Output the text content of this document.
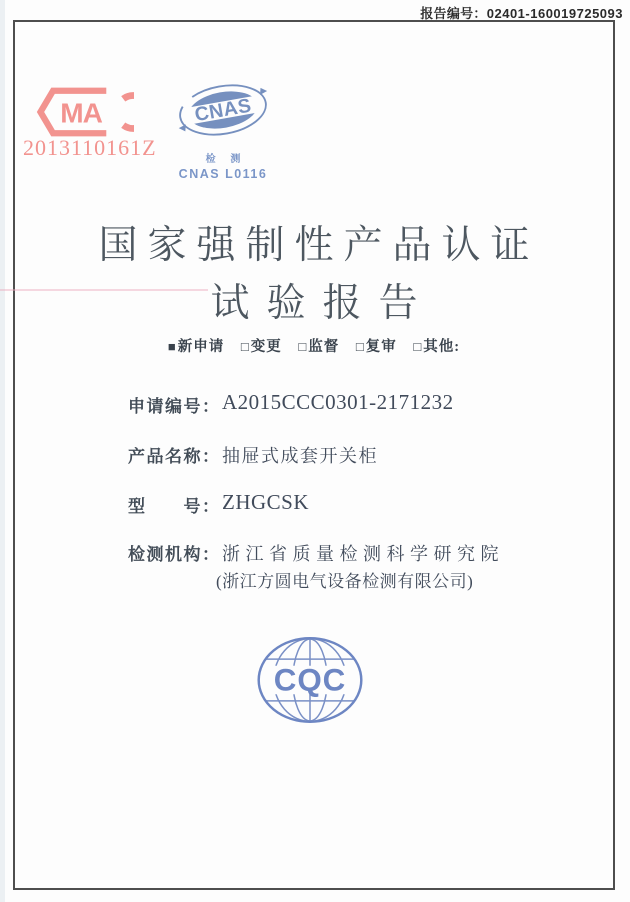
报告编号：02401-160019725093
MA
2013110161Z
CNAS
检 测
CNAS L0116
国家强制性产品认证
试验报告
■新申请 □变更 □监督 □复审 □其他:
申请编号： A2015CCC0301-2171232
产品名称： 抽屉式成套开关柜
型　　号： ZHGCSK
检测机构： 浙江省质量检测科学研究院
(浙江方圆电气设备检测有限公司)
CQC
